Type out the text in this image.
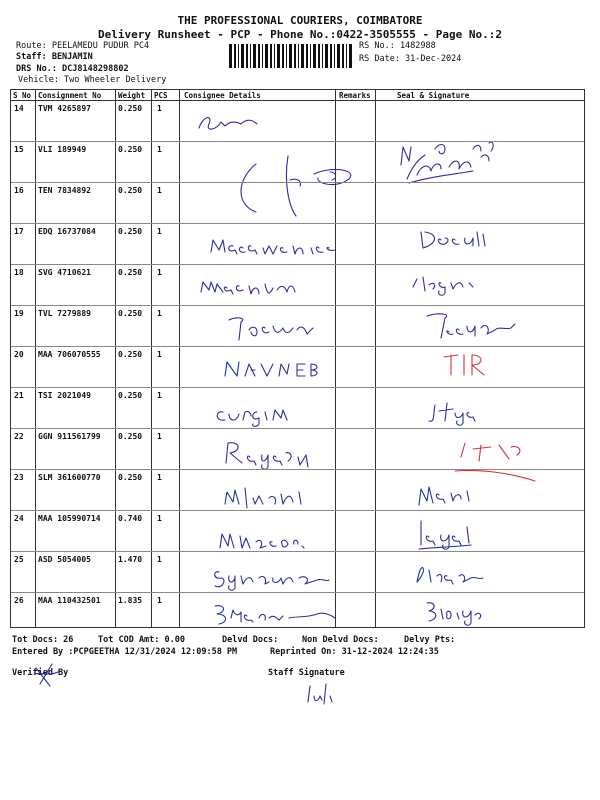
THE PROFESSIONAL COURIERS, COIMBATORE
Delivery Runsheet - PCP - Phone No.:0422-3505555 - Page No.:2
Route: PEELAMEDU PUDUR PC4
Staff: BENJAMIN
DRS No.: DCJ8148298802
Vehicle: Two Wheeler Delivery
RS No.: 1482988
RS Date: 31-Dec-2024
S No Consignment No Weight PCS Consignee Details	Remarks	Seal & Signature
14 TVM 4265897	0.250 1
15 VLI 189949	0.250 1
16 TEN 7834892	0.250 1
17 EDQ 16737084	0.250 1
18 SVG 4710621	0.250 1
19 TVL 7279889	0.250 1
20 MAA 706070555 0.250 1
21 TSI 2021049	0.250 1
22 GGN 911561799 0.250 1
23 SLM 361600770 0.250 1
24 MAA 105990714 0.740 1
25 ASD 5054005	1.470 1
26 MAA 110432501 1.835 1
Tot Docs: 26	Tot COD Amt: 0.00	Delvd Docs:	Non Delvd Docs:	Delvy Pts:
Entered By :PCPGEETHA 12/31/2024 12:09:58 PM	Reprinted On: 31-12-2024 12:24:35
Verified By	Staff Signature
